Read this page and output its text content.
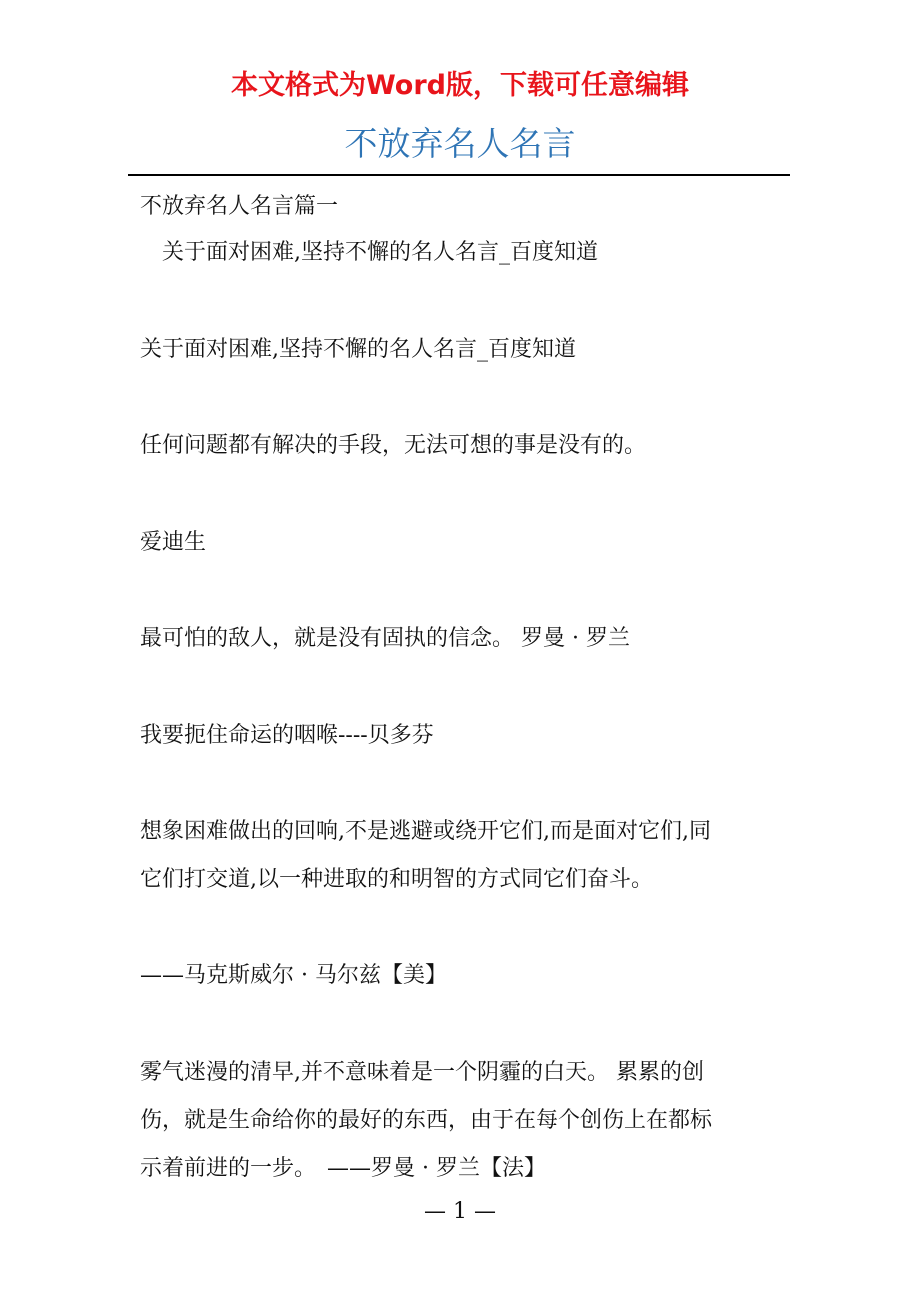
本文格式为Word版，下载可任意编辑
不放弃名人名言
不放弃名人名言篇一
　关于面对困难,坚持不懈的名人名言_百度知道
关于面对困难,坚持不懈的名人名言_百度知道
任何问题都有解决的手段，无法可想的事是没有的。
爱迪生
最可怕的敌人，就是没有固执的信念。 罗曼 · 罗兰
我要扼住命运的咽喉----贝多芬
想象困难做出的回响,不是逃避或绕开它们,而是面对它们,同
它们打交道,以一种进取的和明智的方式同它们奋斗。
——马克斯威尔 · 马尔兹【美】
雾气迷漫的清早,并不意味着是一个阴霾的白天。 累累的创
伤，就是生命给你的最好的东西，由于在每个创伤上在都标
示着前进的一步。　——罗曼 · 罗兰【法】
— 1 —
